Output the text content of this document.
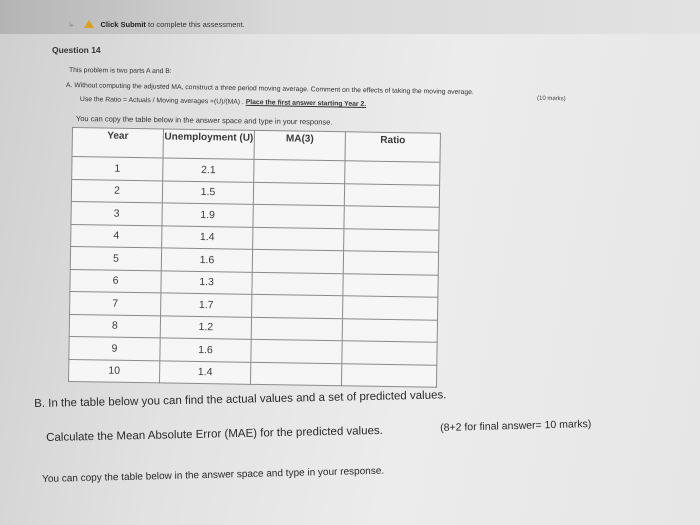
↳	Click Submit to complete this assessment.
Question 14
This problem is two parts A and B:
A. Without computing the adjusted MA, construct a three period moving average. Comment on the effects of taking the moving average.
Use the Ratio = Actuals / Moving averages =(U)/(MA) . Place the first answer starting Year 2.	(10 marks)
You can copy the table below in the answer space and type in your response.
Year	Unemployment (U)	MA(3)	Ratio
1	2.1		
2	1.5		
3	1.9		
4	1.4		
5	1.6		
6	1.3		
7	1.7		
8	1.2		
9	1.6		
10	1.4		
B. In the table below you can find the actual values and a set of predicted values.
Calculate the Mean Absolute Error (MAE) for the predicted values.	(8+2 for final answer= 10 marks)
You can copy the table below in the answer space and type in your response.
